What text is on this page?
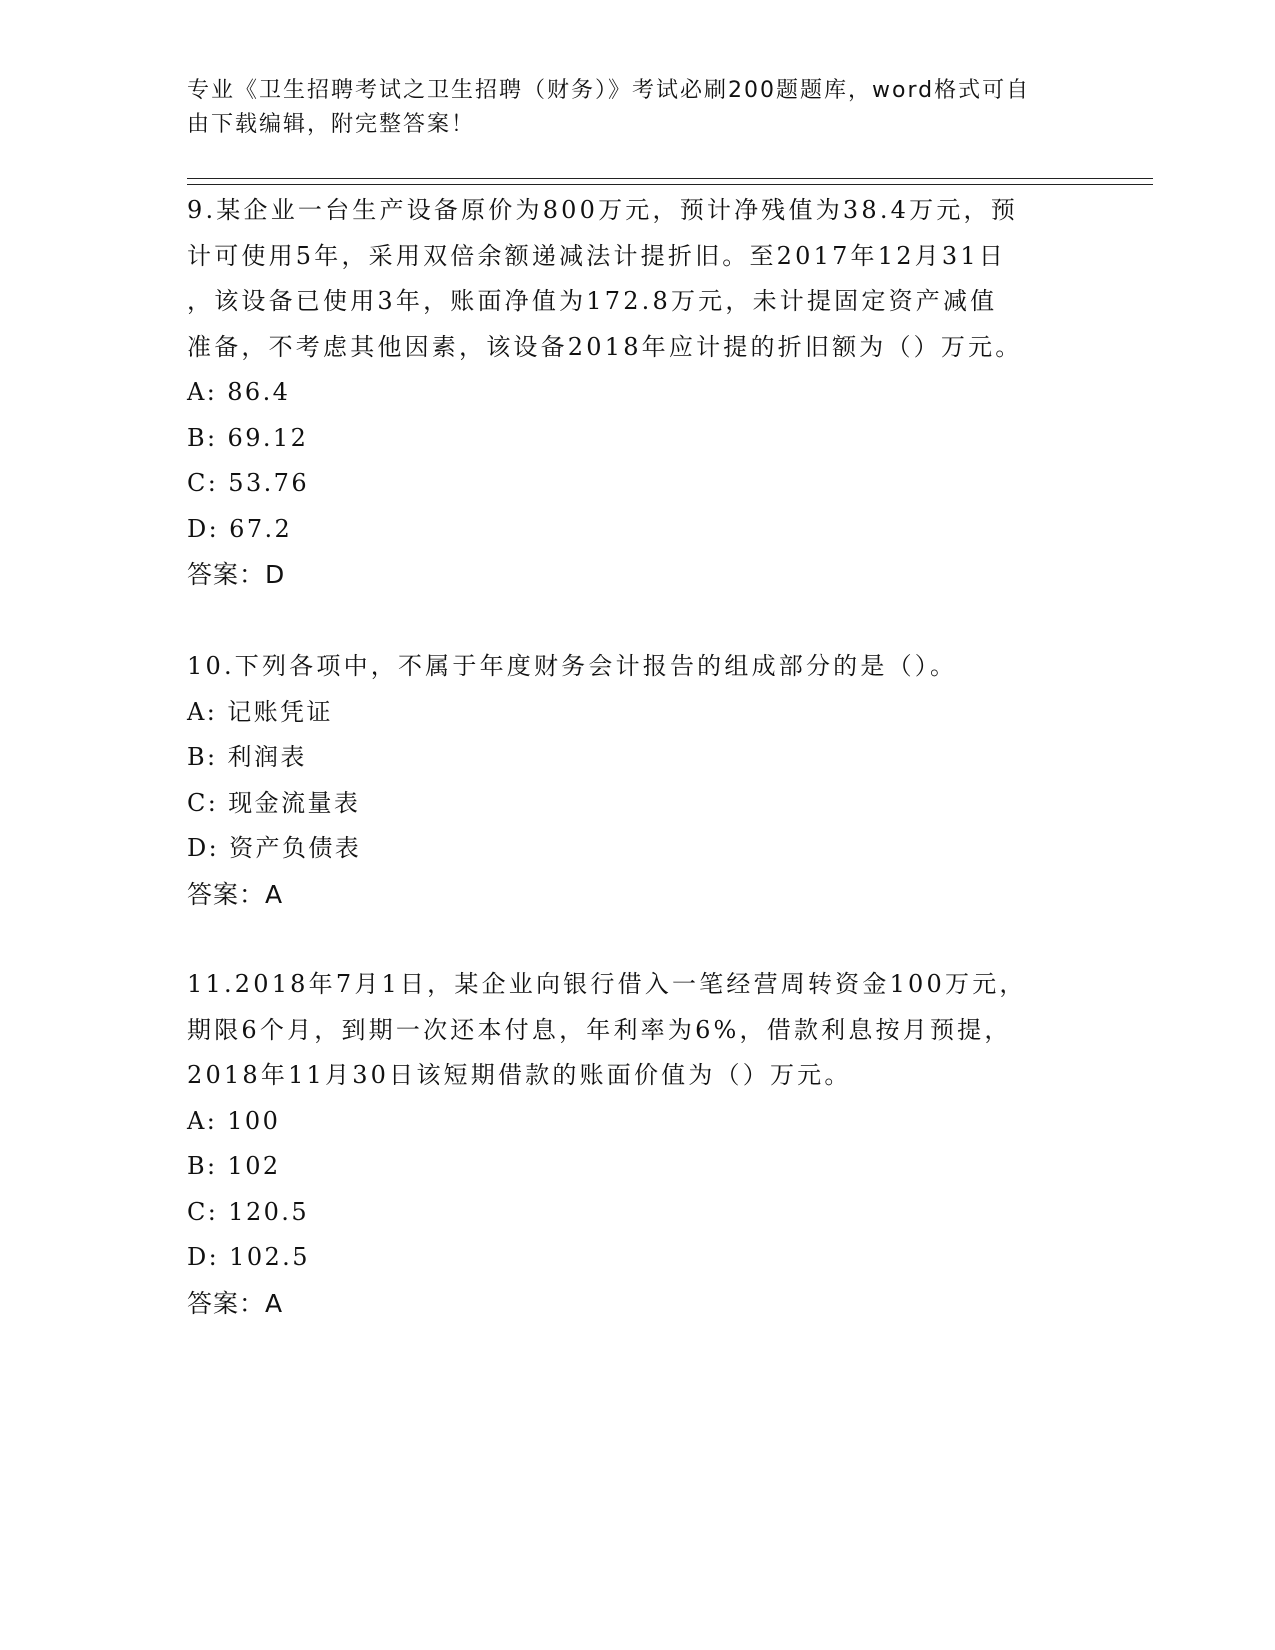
专业《卫生招聘考试之卫生招聘（财务）》考试必刷200题题库，word格式可自
由下载编辑，附完整答案！
9.某企业一台生产设备原价为800万元，预计净残值为38.4万元，预
计可使用5年，采用双倍余额递减法计提折旧。至2017年12月31日
，该设备已使用3年，账面净值为172.8万元，未计提固定资产减值
准备，不考虑其他因素，该设备2018年应计提的折旧额为（）万元。
A: 86.4
B: 69.12
C: 53.76
D: 67.2
答案：D
10.下列各项中，不属于年度财务会计报告的组成部分的是（）。
A: 记账凭证
B: 利润表
C: 现金流量表
D: 资产负债表
答案：A
11.2018年7月1日，某企业向银行借入一笔经营周转资金100万元，
期限6个月，到期一次还本付息，年利率为6%，借款利息按月预提，
2018年11月30日该短期借款的账面价值为（）万元。
A: 100
B: 102
C: 120.5
D: 102.5
答案：A
